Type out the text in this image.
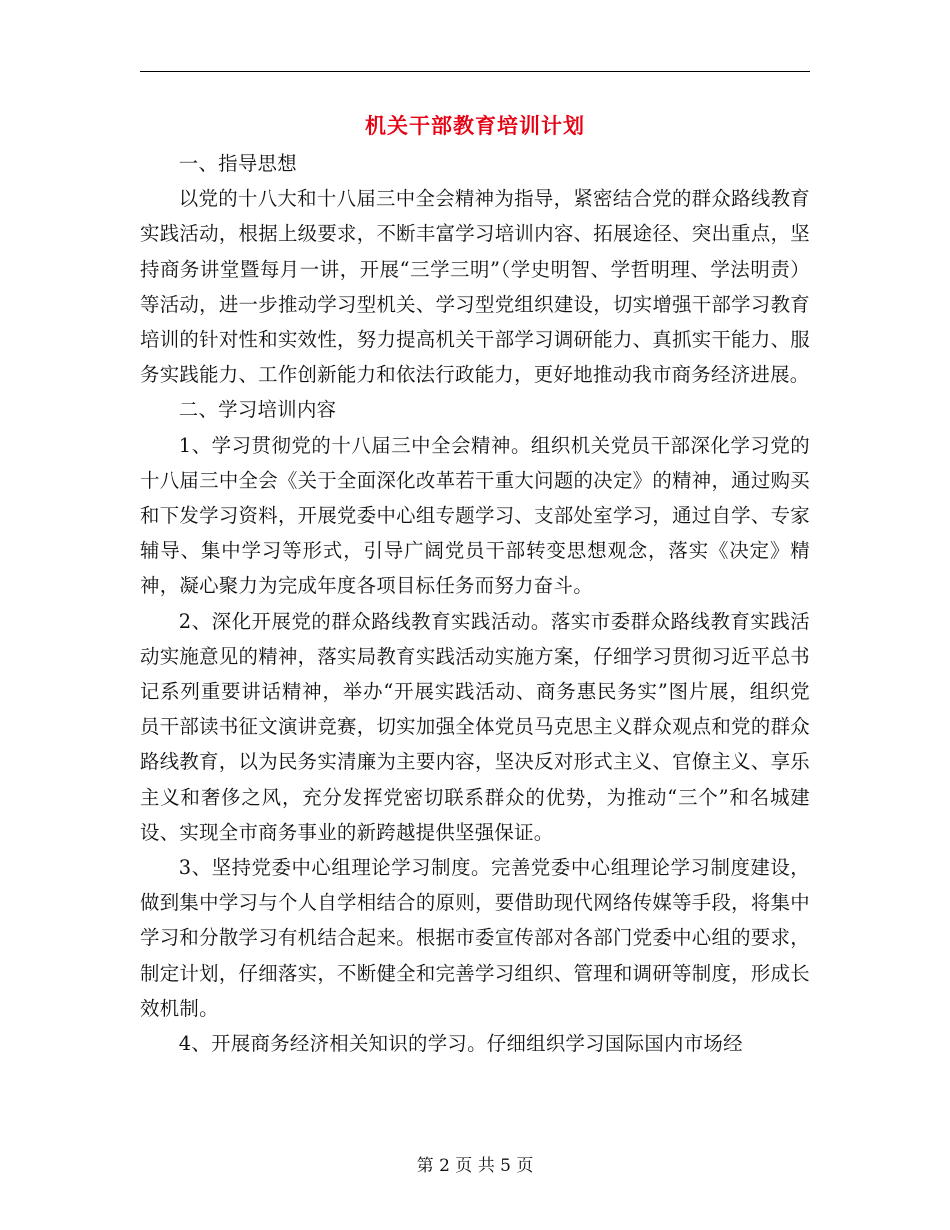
机关干部教育培训计划

一、指导思想

以党的十八大和十八届三中全会精神为指导，紧密结合党的群众路线教育实践活动，根据上级要求，不断丰富学习培训内容、拓展途径、突出重点，坚持商务讲堂暨每月一讲，开展“三学三明”（学史明智、学哲明理、学法明责）等活动，进一步推动学习型机关、学习型党组织建设，切实增强干部学习教育培训的针对性和实效性，努力提高机关干部学习调研能力、真抓实干能力、服务实践能力、工作创新能力和依法行政能力，更好地推动我市商务经济进展。

二、学习培训内容

1、学习贯彻党的十八届三中全会精神。组织机关党员干部深化学习党的十八届三中全会《关于全面深化改革若干重大问题的决定》的精神，通过购买和下发学习资料，开展党委中心组专题学习、支部处室学习，通过自学、专家辅导、集中学习等形式，引导广阔党员干部转变思想观念，落实《决定》精神，凝心聚力为完成年度各项目标任务而努力奋斗。

2、深化开展党的群众路线教育实践活动。落实市委群众路线教育实践活动实施意见的精神，落实局教育实践活动实施方案，仔细学习贯彻习近平总书记系列重要讲话精神，举办“开展实践活动、商务惠民务实”图片展，组织党员干部读书征文演讲竞赛，切实加强全体党员马克思主义群众观点和党的群众路线教育，以为民务实清廉为主要内容，坚决反对形式主义、官僚主义、享乐主义和奢侈之风，充分发挥党密切联系群众的优势，为推动“三个”和名城建设、实现全市商务事业的新跨越提供坚强保证。

3、坚持党委中心组理论学习制度。完善党委中心组理论学习制度建设，做到集中学习与个人自学相结合的原则，要借助现代网络传媒等手段，将集中学习和分散学习有机结合起来。根据市委宣传部对各部门党委中心组的要求，制定计划，仔细落实，不断健全和完善学习组织、管理和调研等制度，形成长效机制。

4、开展商务经济相关知识的学习。仔细组织学习国际国内市场经

第 2 页 共 5 页
